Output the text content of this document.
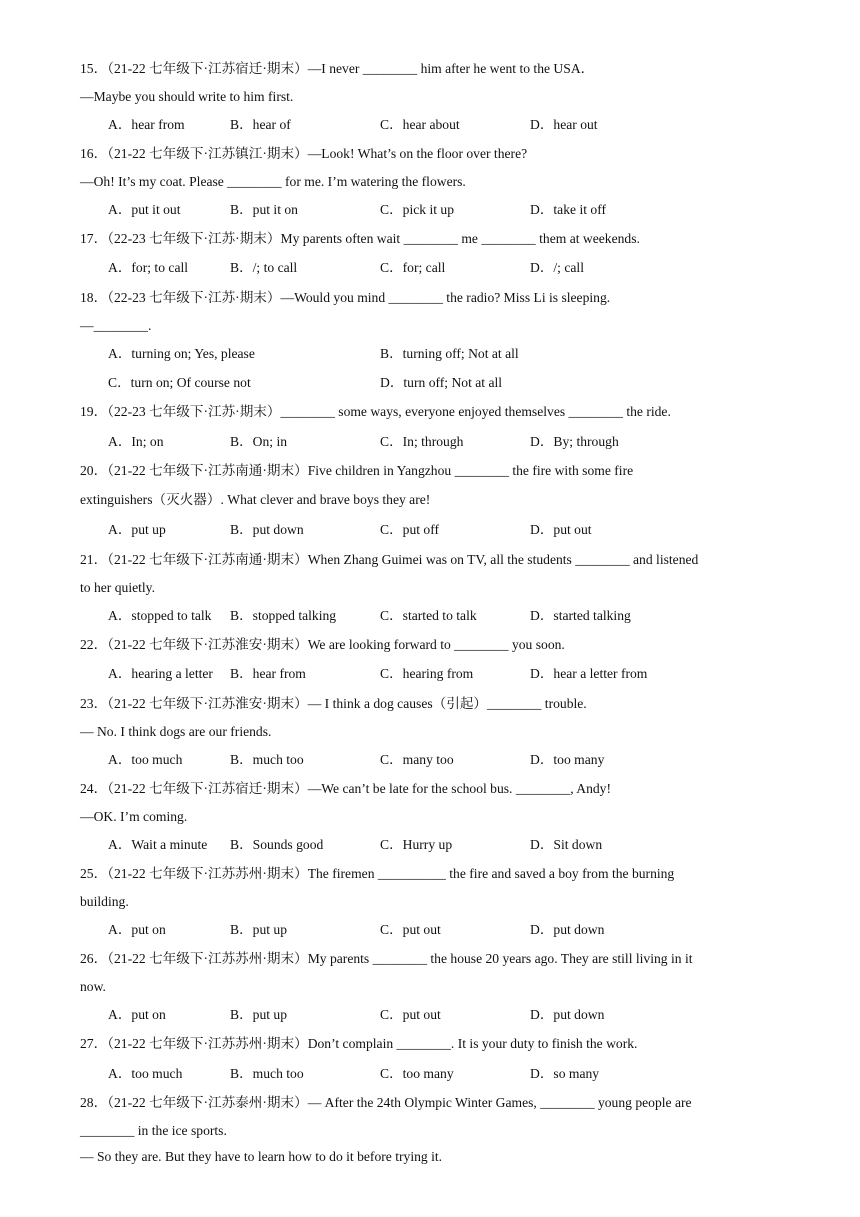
15．（21-22 七年级下·江苏宿迁·期末）—I never ________ him after he went to the USA．
—Maybe you should write to him first.
A．hear from	B．hear of	C．hear about	D．hear out
16．（21-22 七年级下·江苏镇江·期末）—Look! What’s on the floor over there?
—Oh! It’s my coat. Please ________ for me. I’m watering the flowers.
A．put it out	B．put it on	C．pick it up	D．take it off
17．（22-23 七年级下·江苏·期末）My parents often wait ________ me ________ them at weekends.
A．for; to call	B．/; to call	C．for; call	D．/; call
18．（22-23 七年级下·江苏·期末）—Would you mind ________ the radio? Miss Li is sleeping.
—________.
A．turning on; Yes, please	B．turning off; Not at all
C．turn on; Of course not	D．turn off; Not at all
19．（22-23 七年级下·江苏·期末）________ some ways, everyone enjoyed themselves ________ the ride.
A．In; on	B．On; in	C．In; through	D．By; through
20．（21-22 七年级下·江苏南通·期末）Five children in Yangzhou ________ the fire with some fire
extinguishers（灭火器）. What clever and brave boys they are!
A．put up	B．put down	C．put off	D．put out
21．（21-22 七年级下·江苏南通·期末）When Zhang Guimei was on TV, all the students ________ and listened
to her quietly.
A．stopped to talk B．stopped talking	C．started to talk	D．started talking
22．（21-22 七年级下·江苏淮安·期末）We are looking forward to ________ you soon.
A．hearing a letter B．hear from	C．hearing from	D．hear a letter from
23．（21-22 七年级下·江苏淮安·期末）— I think a dog causes（引起）________ trouble.
— No. I think dogs are our friends.
A．too much	B．much too	C．many too	D．too many
24．（21-22 七年级下·江苏宿迁·期末）—We can’t be late for the school bus. ________, Andy!
—OK. I’m coming.
A．Wait a minute B．Sounds good	C．Hurry up	D．Sit down
25．（21-22 七年级下·江苏苏州·期末）The firemen __________ the fire and saved a boy from the burning
building.
A．put on	B．put up	C．put out	D．put down
26．（21-22 七年级下·江苏苏州·期末）My parents ________ the house 20 years ago. They are still living in it
now.
A．put on	B．put up	C．put out	D．put down
27．（21-22 七年级下·江苏苏州·期末）Don’t complain ________. It is your duty to finish the work.
A．too much	B．much too	C．too many	D．so many
28．（21-22 七年级下·江苏泰州·期末）— After the 24th Olympic Winter Games, ________ young people are
________ in the ice sports.
— So they are. But they have to learn how to do it before trying it.
